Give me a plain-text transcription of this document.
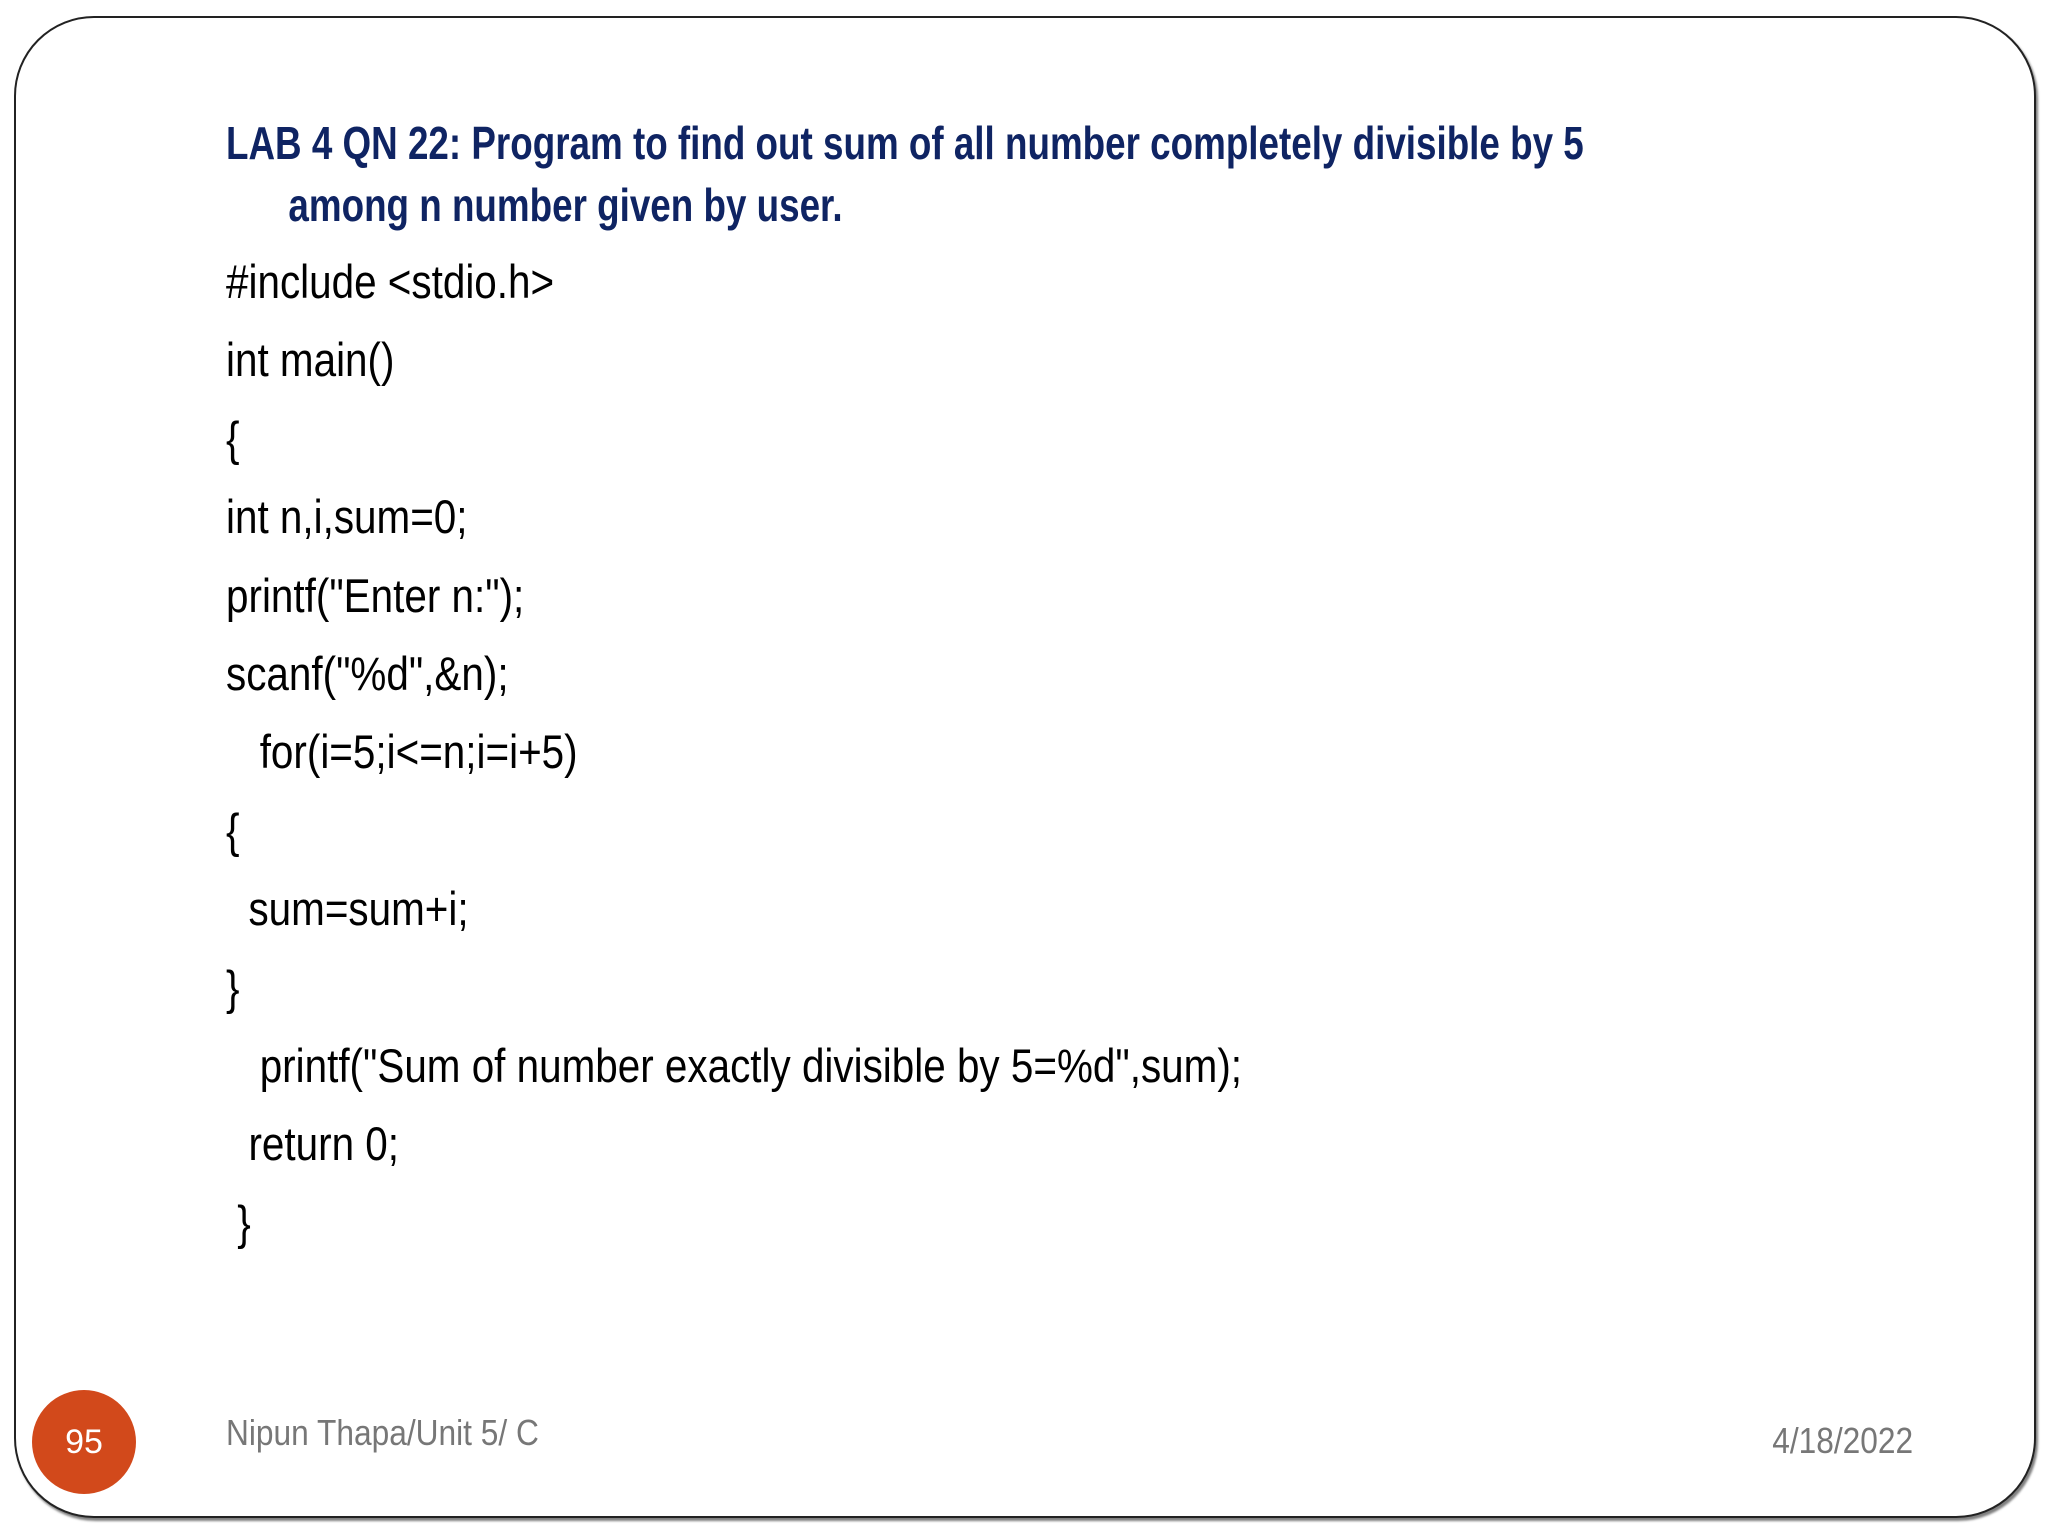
LAB 4 QN 22: Program to find out sum of all number completely divisible by 5
among n number given by user.
#include <stdio.h>
int main()
{
int n,i,sum=0;
printf("Enter n:");
scanf("%d",&n);
for(i=5;i<=n;i=i+5)
{
sum=sum+i;
}
printf("Sum of number exactly divisible by 5=%d",sum);
return 0;
}
95	Nipun Thapa/Unit 5/ C	4/18/2022
